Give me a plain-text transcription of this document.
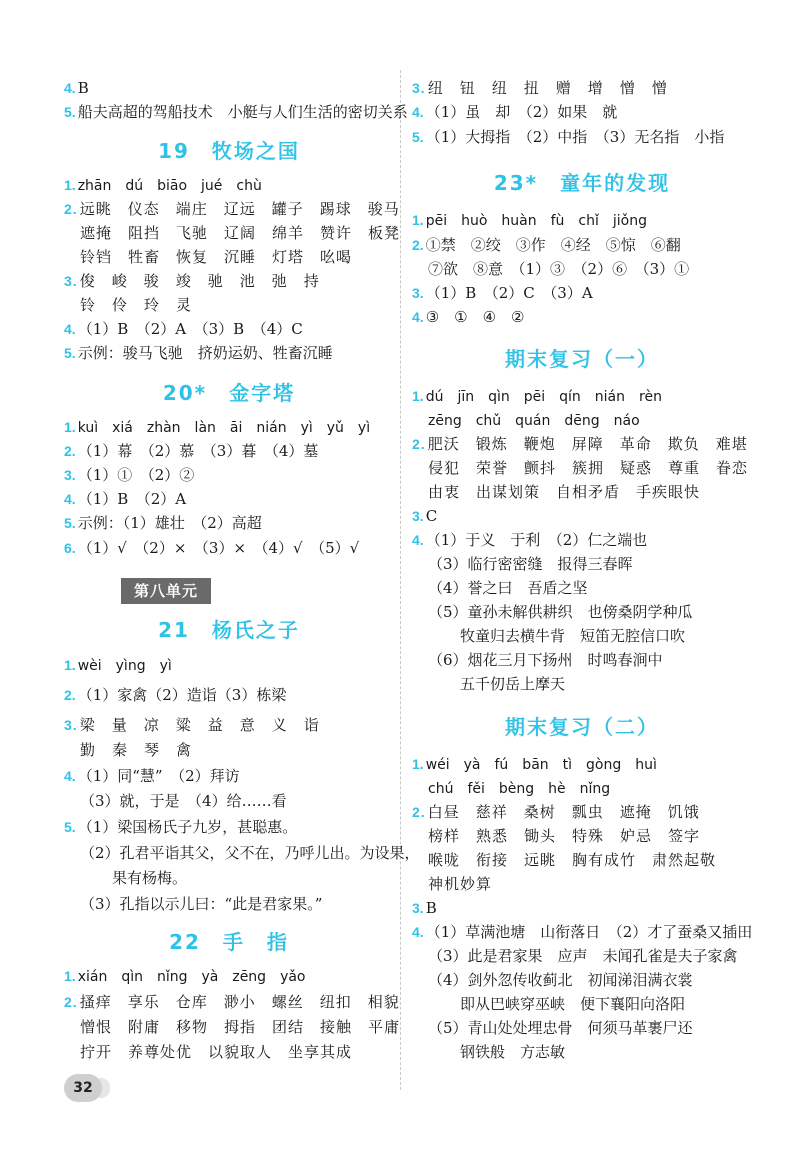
4. B
5. 船夫高超的驾船技术　小艇与人们生活的密切关系
19　牧场之国
1. zhān　dú　biāo　jué　chù
2. 远眺　仪态　端庄　辽远　罐子　踢球　骏马
遮掩　阻挡　飞驰　辽阔　绵羊　赞许　板凳
铃铛　牲畜　恢复　沉睡　灯塔　吆喝
3. 俊　峻　骏　竣　驰　池　弛　持
铃　伶　玲　灵
4. （1）B　（2）A　（3）B　（4）C
5. 示例：骏马飞驰　挤奶运奶、牲畜沉睡
20*　金字塔
1. kuì　xiá　zhàn　làn　āi　nián　yì　yǔ　yì
2. （1）幕　（2）慕　（3）暮　（4）墓
3. （1）①　（2）②
4. （1）B　（2）A
5. 示例：（1）雄壮　（2）高超
6. （1）√　（2）×　（3）×　（4）√　（5）√
第八单元
21　杨氏之子
1. wèi　yìng　yì
2. （1）家禽（2）造诣（3）栋梁
3. 梁　量　凉　粱　益　意　义　诣
勤　秦　琴　禽
4. （1）同“慧”　（2）拜访
（3）就，于是　（4）给……看
5. （1）梁国杨氏子九岁，甚聪惠。
（2）孔君平诣其父，父不在，乃呼儿出。为设果，
果有杨梅。
（3）孔指以示儿曰：“此是君家果。”
22　手　指
1. xián　qìn　nǐng　yà　zēng　yǎo
2. 搔痒　享乐　仓库　渺小　螺丝　纽扣　相貌
憎恨　附庸　移物　拇指　团结　接触　平庸
拧开　养尊处优　以貌取人　坐享其成
3. 纽　钮　纽　扭　赠　增　憎　憎
4. （1）虽　却　（2）如果　就
5. （1）大拇指　（2）中指　（3）无名指　小指
23*　童年的发现
1. pēi　huò　huàn　fù　chǐ　jiǒng
2. ①禁　②绞　③作　④经　⑤惊　⑥翻
⑦欲　⑧意　（1）③　（2）⑥　（3）①
3. （1）B　（2）C　（3）A
4. ③　①　④　②
期末复习（一）
1. dú　jīn　qìn　pēi　qín　nián　rèn
zēng　chǔ　quán　dēng　náo
2. 肥沃　锻炼　鞭炮　屏障　革命　欺负　难堪
侵犯　荣誉　颤抖　簇拥　疑惑　尊重　眷恋
由衷　出谋划策　自相矛盾　手疾眼快
3. C
4. （1）于义　于利　（2）仁之端也
（3）临行密密缝　报得三春晖
（4）誉之曰　吾盾之坚
（5）童孙未解供耕织　也傍桑阴学种瓜
牧童归去横牛背　短笛无腔信口吹
（6）烟花三月下扬州　时鸣春涧中
五千仞岳上摩天
期末复习（二）
1. wéi　yà　fú　bān　tì　gòng　huì
chú　fěi　bèng　hè　nǐng
2. 白昼　慈祥　桑树　瓢虫　遮掩　饥饿
榜样　熟悉　锄头　特殊　妒忌　签字
喉咙　衔接　远眺　胸有成竹　肃然起敬
神机妙算
3. B
4. （1）草满池塘　山衔落日　（2）才了蚕桑又插田
（3）此是君家果　应声　未闻孔雀是夫子家禽
（4）剑外忽传收蓟北　初闻涕泪满衣裳
即从巴峡穿巫峡　便下襄阳向洛阳
（5）青山处处埋忠骨　何须马革裹尸还
钢铁般　方志敏
32
